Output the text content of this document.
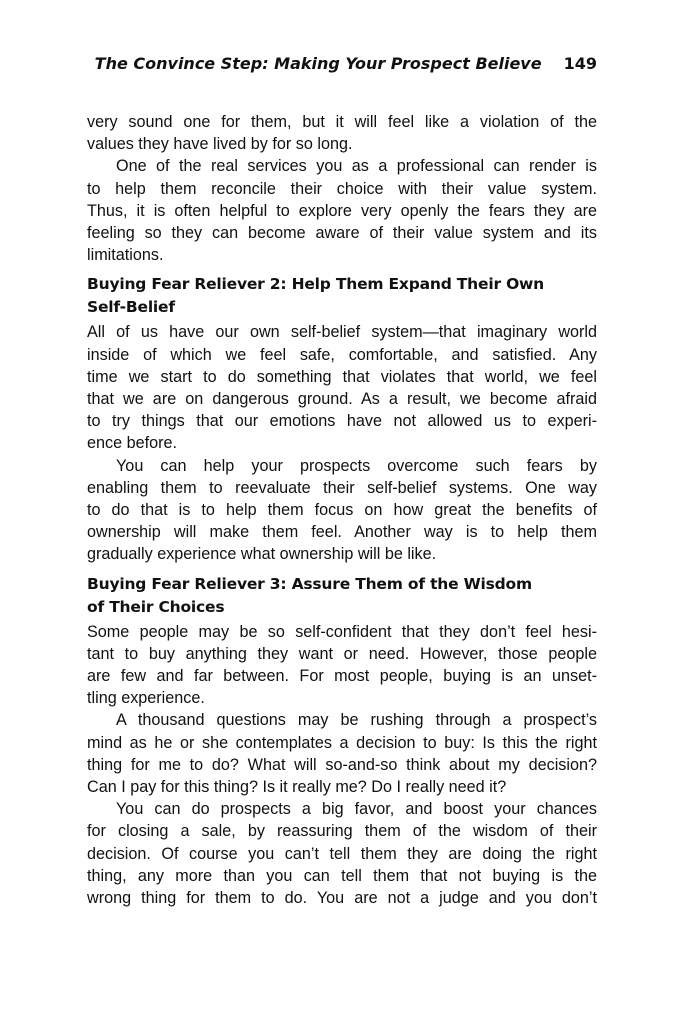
The Convince Step: Making Your Prospect Believe 149

very sound one for them, but it will feel like a violation of the
values they have lived by for so long.

One of the real services you as a professional can render is
to help them reconcile their choice with their value system.
Thus, it is often helpful to explore very openly the fears they are
feeling so they can become aware of their value system and its
limitations.

Buying Fear Reliever 2: Help Them Expand Their Own
Self-Belief

All of us have our own self-belief system—that imaginary world
inside of which we feel safe, comfortable, and satisfied. Any
time we start to do something that violates that world, we feel
that we are on dangerous ground. As a result, we become afraid
to try things that our emotions have not allowed us to experi-
ence before.

You can help your prospects overcome such fears by
enabling them to reevaluate their self-belief systems. One way
to do that is to help them focus on how great the benefits of
ownership will make them feel. Another way is to help them
gradually experience what ownership will be like.

Buying Fear Reliever 3: Assure Them of the Wisdom
of Their Choices

Some people may be so self-confident that they don’t feel hesi-
tant to buy anything they want or need. However, those people
are few and far between. For most people, buying is an unset-
tling experience.

A thousand questions may be rushing through a prospect’s
mind as he or she contemplates a decision to buy: Is this the right
thing for me to do? What will so-and-so think about my decision?
Can I pay for this thing? Is it really me? Do I really need it?

You can do prospects a big favor, and boost your chances
for closing a sale, by reassuring them of the wisdom of their
decision. Of course you can’t tell them they are doing the right
thing, any more than you can tell them that not buying is the
wrong thing for them to do. You are not a judge and you don’t
